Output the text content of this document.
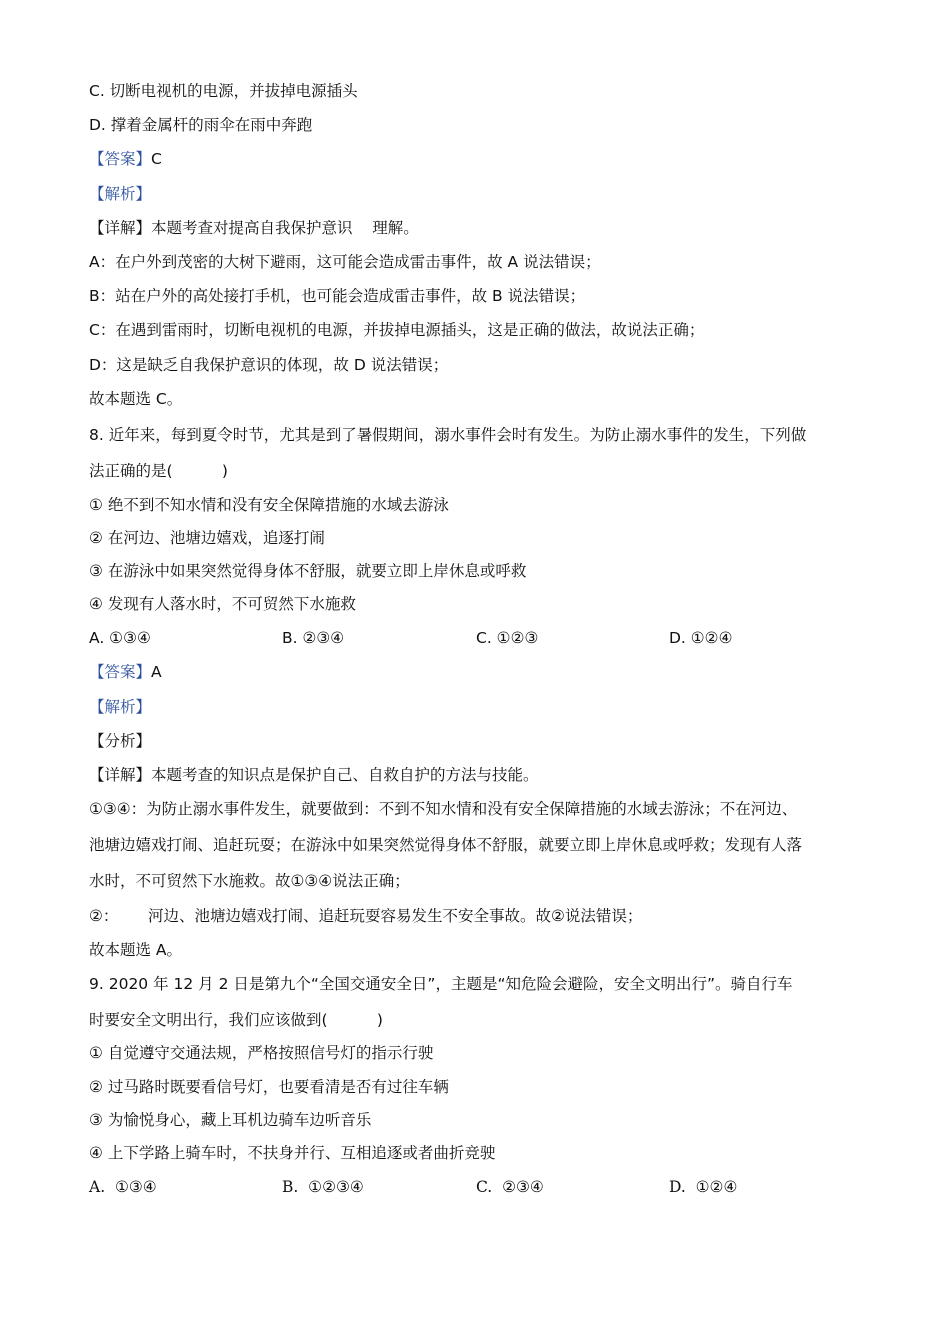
C. 切断电视机的电源，并拔掉电源插头
D. 撑着金属杆的雨伞在雨中奔跑
【答案】C
【解析】
【详解】本题考查对提高自我保护意识    理解。
A：在户外到茂密的大树下避雨，这可能会造成雷击事件，故 A 说法错误；
B：站在户外的高处接打手机，也可能会造成雷击事件，故 B 说法错误；
C：在遇到雷雨时，切断电视机的电源，并拔掉电源插头，这是正确的做法，故说法正确；
D：这是缺乏自我保护意识的体现，故 D 说法错误；
故本题选 C。
8. 近年来，每到夏令时节，尤其是到了暑假期间，溺水事件会时有发生。为防止溺水事件的发生，下列做
法正确的是(          )
① 绝不到不知水情和没有安全保障措施的水域去游泳
② 在河边、池塘边嬉戏，追逐打闹
③ 在游泳中如果突然觉得身体不舒服，就要立即上岸休息或呼救
④ 发现有人落水时，不可贸然下水施救
A. ①③④	B. ②③④	C. ①②③	D. ①②④
【答案】A
【解析】
【分析】
【详解】本题考查的知识点是保护自己、自救自护的方法与技能。
①③④：为防止溺水事件发生，就要做到：不到不知水情和没有安全保障措施的水域去游泳；不在河边、
池塘边嬉戏打闹、追赶玩耍；在游泳中如果突然觉得身体不舒服，就要立即上岸休息或呼救；发现有人落
水时，不可贸然下水施救。故①③④说法正确；
②：      河边、池塘边嬉戏打闹、追赶玩耍容易发生不安全事故。故②说法错误；
故本题选 A。
9. 2020 年 12 月 2 日是第九个“全国交通安全日”，主题是“知危险会避险，安全文明出行”。骑自行车
时要安全文明出行，我们应该做到(          )
① 自觉遵守交通法规，严格按照信号灯的指示行驶
② 过马路时既要看信号灯，也要看清是否有过往车辆
③ 为愉悦身心，藏上耳机边骑车边听音乐
④ 上下学路上骑车时，不扶身并行、互相追逐或者曲折竞驶
A.  ①③④	B.  ①②③④	C.  ②③④	D.  ①②④
